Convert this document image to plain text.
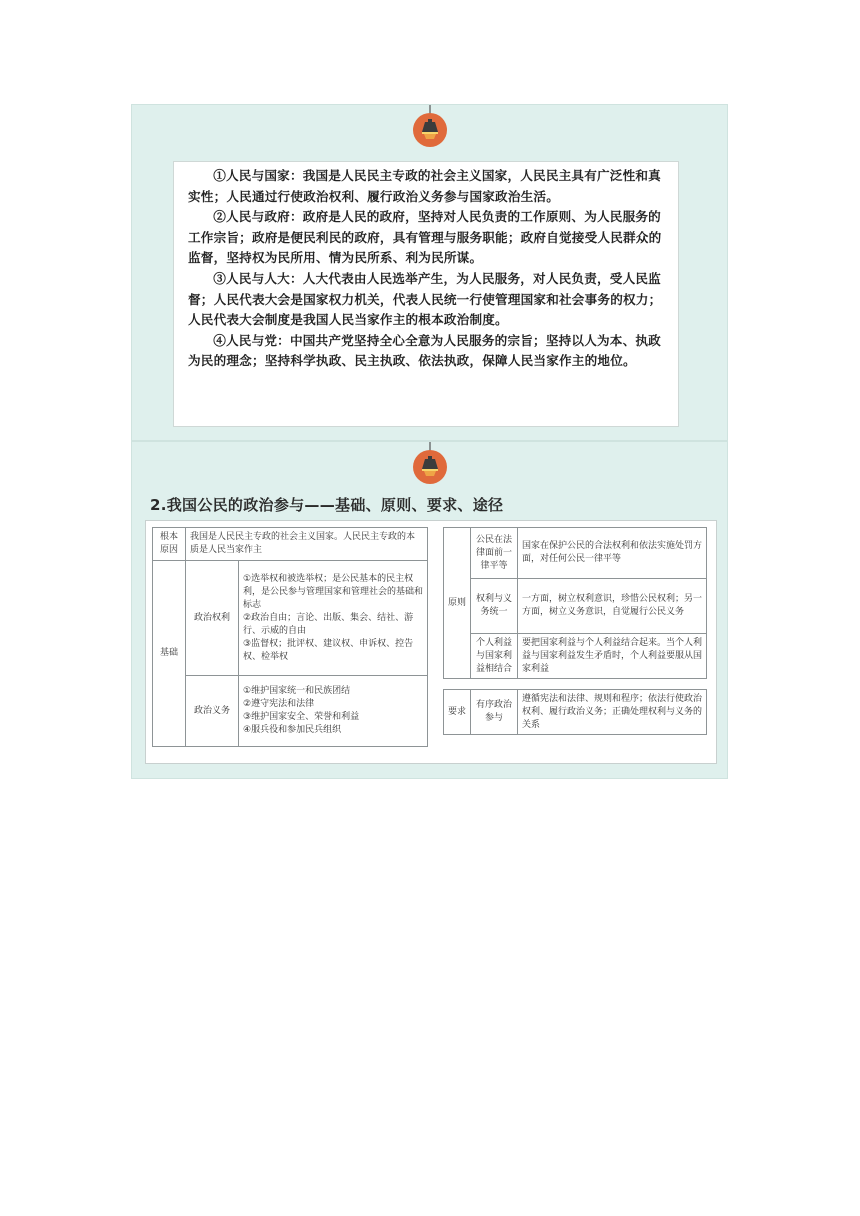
①人民与国家：我国是人民民主专政的社会主义国家，人民民主具有广泛性和真实性；人民通过行使政治权利、履行政治义务参与国家政治生活。

②人民与政府：政府是人民的政府，坚持对人民负责的工作原则、为人民服务的工作宗旨；政府是便民利民的政府，具有管理与服务职能；政府自觉接受人民群众的监督，坚持权为民所用、情为民所系、利为民所谋。

③人民与人大：人大代表由人民选举产生，为人民服务，对人民负责，受人民监督；人民代表大会是国家权力机关，代表人民统一行使管理国家和社会事务的权力；人民代表大会制度是我国人民当家作主的根本政治制度。

④人民与党：中国共产党坚持全心全意为人民服务的宗旨；坚持以人为本、执政为民的理念；坚持科学执政、民主执政、依法执政，保障人民当家作主的地位。

2.我国公民的政治参与——基础、原则、要求、途径
根本原因	我国是人民民主专政的社会主义国家。人民民主专政的本质是人民当家作主	
基础	政治权利	①选举权和被选举权；是公民基本的民主权利，是公民参与管理国家和管理社会的基础和标志
②政治自由；言论、出版、集会、结社、游行、示威的自由
③监督权；批评权、建议权、申诉权、控告权、检举权

	政治义务	①维护国家统一和民族团结
②遵守宪法和法律
③维护国家安全、荣誉和利益
④服兵役和参加民兵组织
原则	公民在法律面前一律平等	国家在保护公民的合法权利和依法实施处罚方面，对任何公民一律平等
	权利与义务统一	一方面，树立权利意识，珍惜公民权利；另一方面，树立义务意识，自觉履行公民义务
	个人利益与国家利益相结合	要把国家利益与个人利益结合起来。当个人利益与国家利益发生矛盾时，个人利益要服从国家利益
要求	有序政治参与	遵循宪法和法律、规则和程序；依法行使政治权利、履行政治义务；正确处理权利与义务的关系
